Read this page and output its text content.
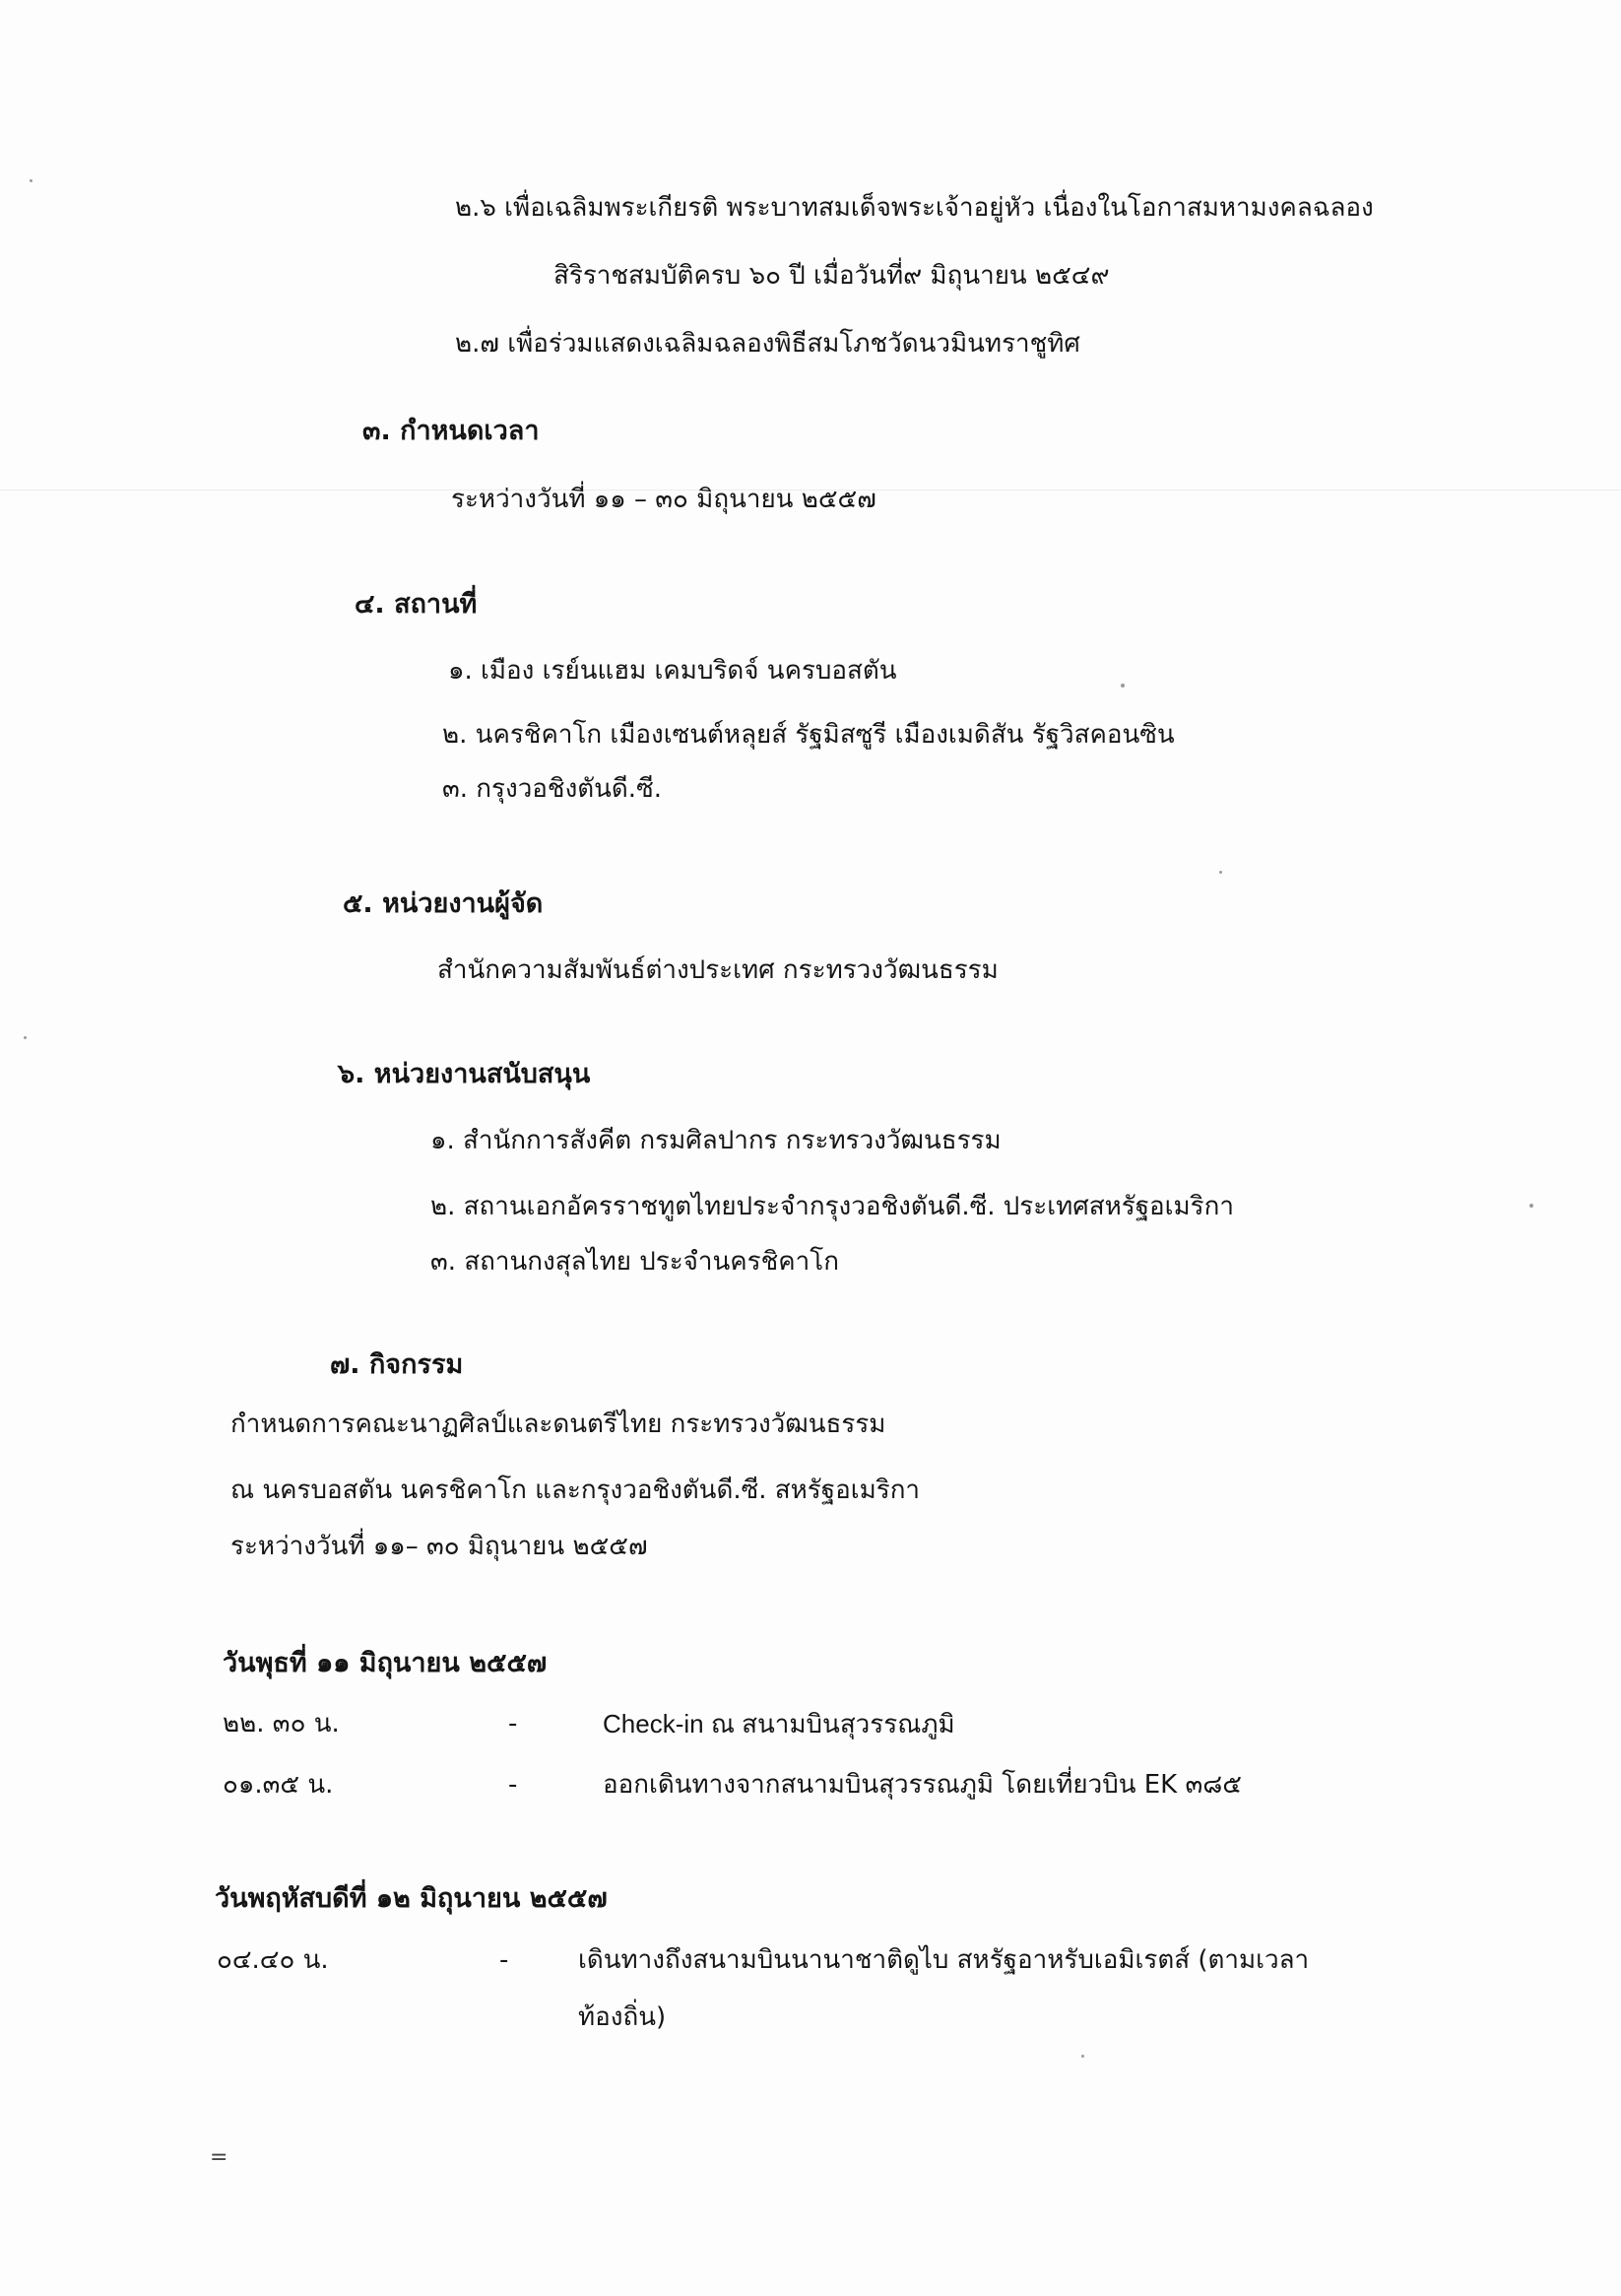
๒.๖ เพื่อเฉลิมพระเกียรติ พระบาทสมเด็จพระเจ้าอยู่หัว เนื่องในโอกาสมหามงคลฉลอง
สิริราชสมบัติครบ ๖๐ ปี เมื่อวันที่๙ มิถุนายน ๒๕๔๙
๒.๗ เพื่อร่วมแสดงเฉลิมฉลองพิธีสมโภชวัดนวมินทราชูทิศ
๓. กำหนดเวลา
ระหว่างวันที่ ๑๑ – ๓๐ มิถุนายน ๒๕๕๗
๔. สถานที่
๑. เมือง เรย์นแฮม เคมบริดจ์ นครบอสตัน
๒. นครชิคาโก เมืองเซนต์หลุยส์ รัฐมิสซูรี เมืองเมดิสัน รัฐวิสคอนซิน
๓. กรุงวอชิงตันดี.ซี.
๕. หน่วยงานผู้จัด
สำนักความสัมพันธ์ต่างประเทศ กระทรวงวัฒนธรรม
๖. หน่วยงานสนับสนุน
๑. สำนักการสังคีต กรมศิลปากร กระทรวงวัฒนธรรม
๒. สถานเอกอัครราชทูตไทยประจำกรุงวอชิงตันดี.ซี. ประเทศสหรัฐอเมริกา
๓. สถานกงสุลไทย ประจำนครชิคาโก
๗. กิจกรรม
กำหนดการคณะนาฏศิลป์และดนตรีไทย กระทรวงวัฒนธรรม
ณ นครบอสตัน นครชิคาโก และกรุงวอชิงตันดี.ซี. สหรัฐอเมริกา
ระหว่างวันที่ ๑๑– ๓๐ มิถุนายน ๒๕๕๗
วันพุธที่ ๑๑ มิถุนายน ๒๕๕๗
๒๒. ๓๐ น.	-	Check-in ณ สนามบินสุวรรณภูมิ
๐๑.๓๕ น.	-	ออกเดินทางจากสนามบินสุวรรณภูมิ โดยเที่ยวบิน EK ๓๘๕
วันพฤหัสบดีที่ ๑๒ มิถุนายน ๒๕๕๗
๐๔.๔๐ น.	-	เดินทางถึงสนามบินนานาชาติดูไบ สหรัฐอาหรับเอมิเรตส์ (ตามเวลา
ท้องถิ่น)
=
